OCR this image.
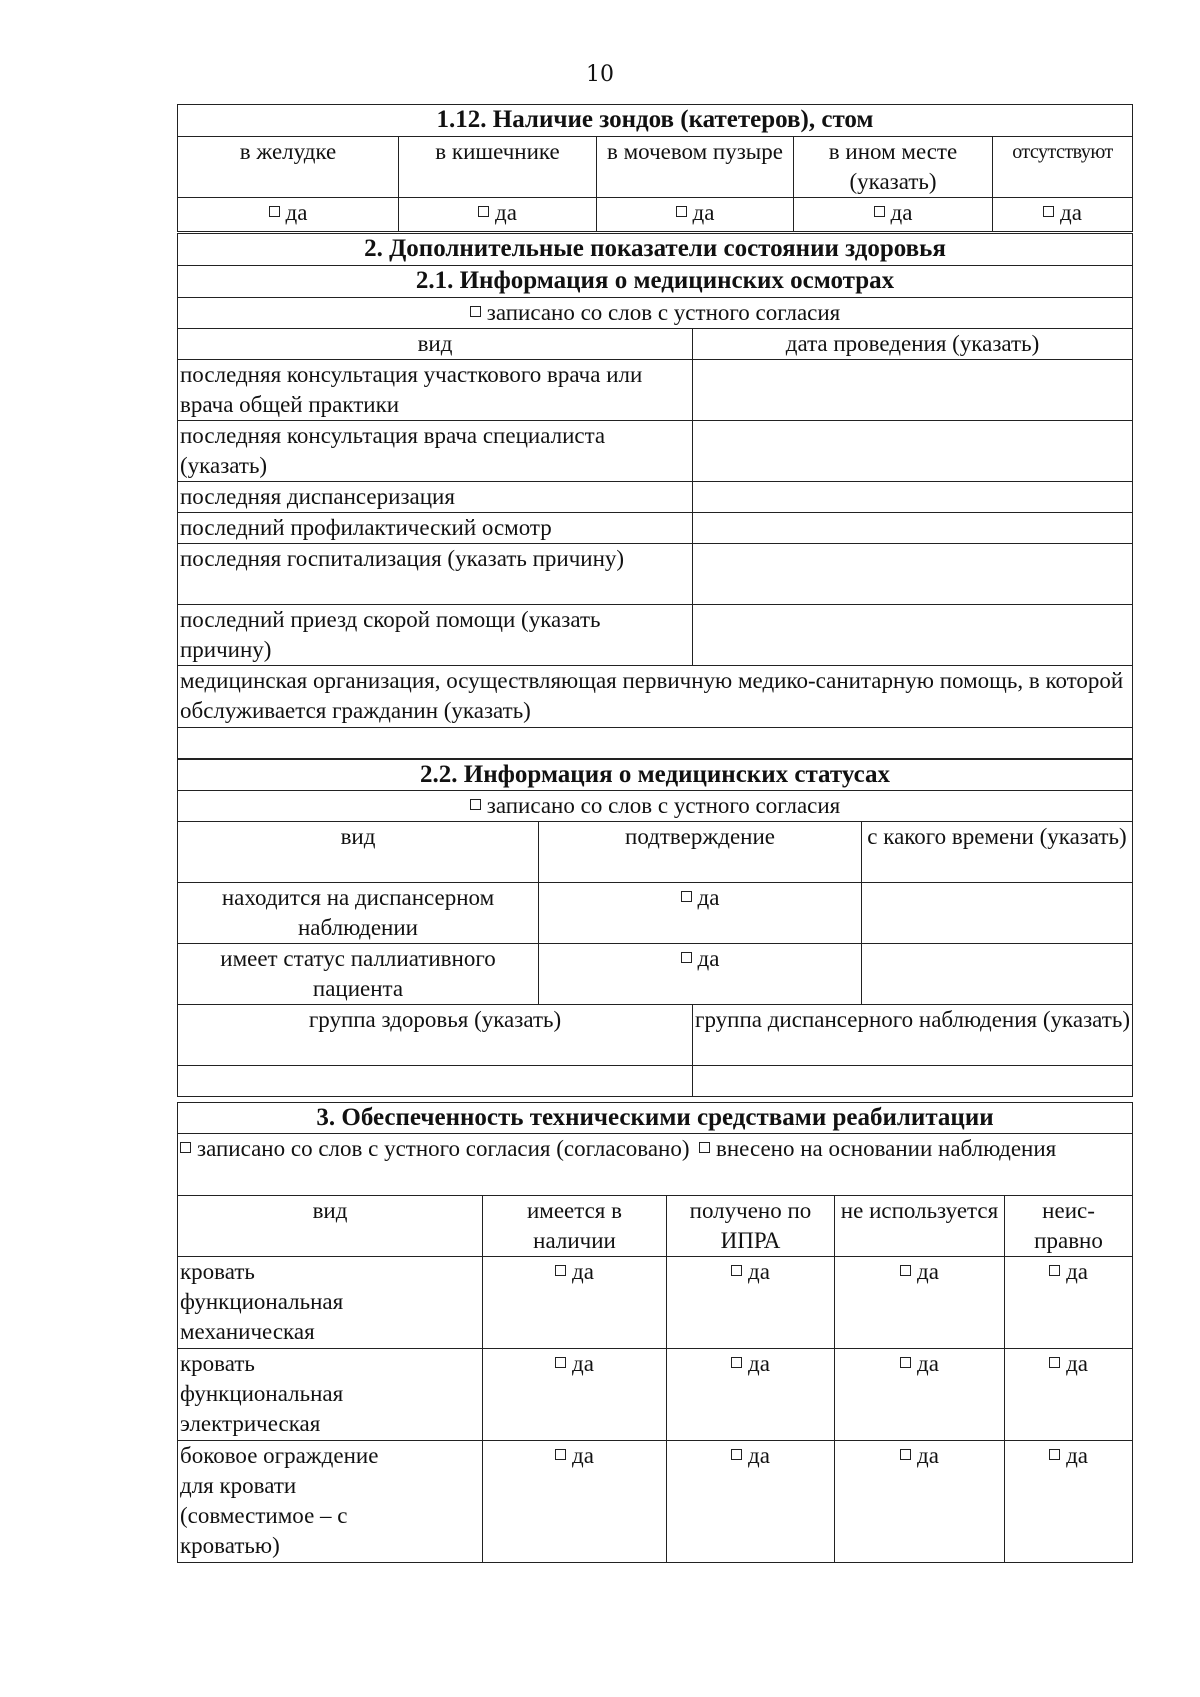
10
1.12. Наличие зондов (катетеров), стом				
в желудке	в кишечнике	в мочевом пузыре	в ином месте (указать)	отсутствуют
да	да	да	да	да
2. Дополнительные показатели состоянии здоровья	
2.1. Информация о медицинских осмотрах	
записано со слов с устного согласия	
вид	дата проведения (указать)
последняя консультация участкового врача или врача общей практики	
последняя консультация врача специалиста (указать)	
последняя диспансеризация	
последний профилактический осмотр	
последняя госпитализация (указать причину)	
последний приезд скорой помощи (указать причину)	
медицинская организация, осуществляющая первичную медико-санитарную помощь, в которой обслуживается гражданин (указать)	

2.2. Информация о медицинских статусах			
записано со слов с устного согласия			
вид	подтверждение		с какого времени (указать)
находится на диспансерном наблюдении	да		
имеет статус паллиативного пациента	да		
группа здоровья (указать)		группа диспансерного наблюдения (указать)	

3. Обеспеченность техническими средствами реабилитации				

записано со слов с устного согласия (согласовано) внесено на основании наблюдения				

вид	имеется в наличии	получено по ИПРА	не используется	неис- правно
кровать функциональная механическая	да	да	да	да
кровать функциональная электрическая	да	да	да	да
боковое ограждение для кровати (совместимое – с кроватью)	да	да	да	да
